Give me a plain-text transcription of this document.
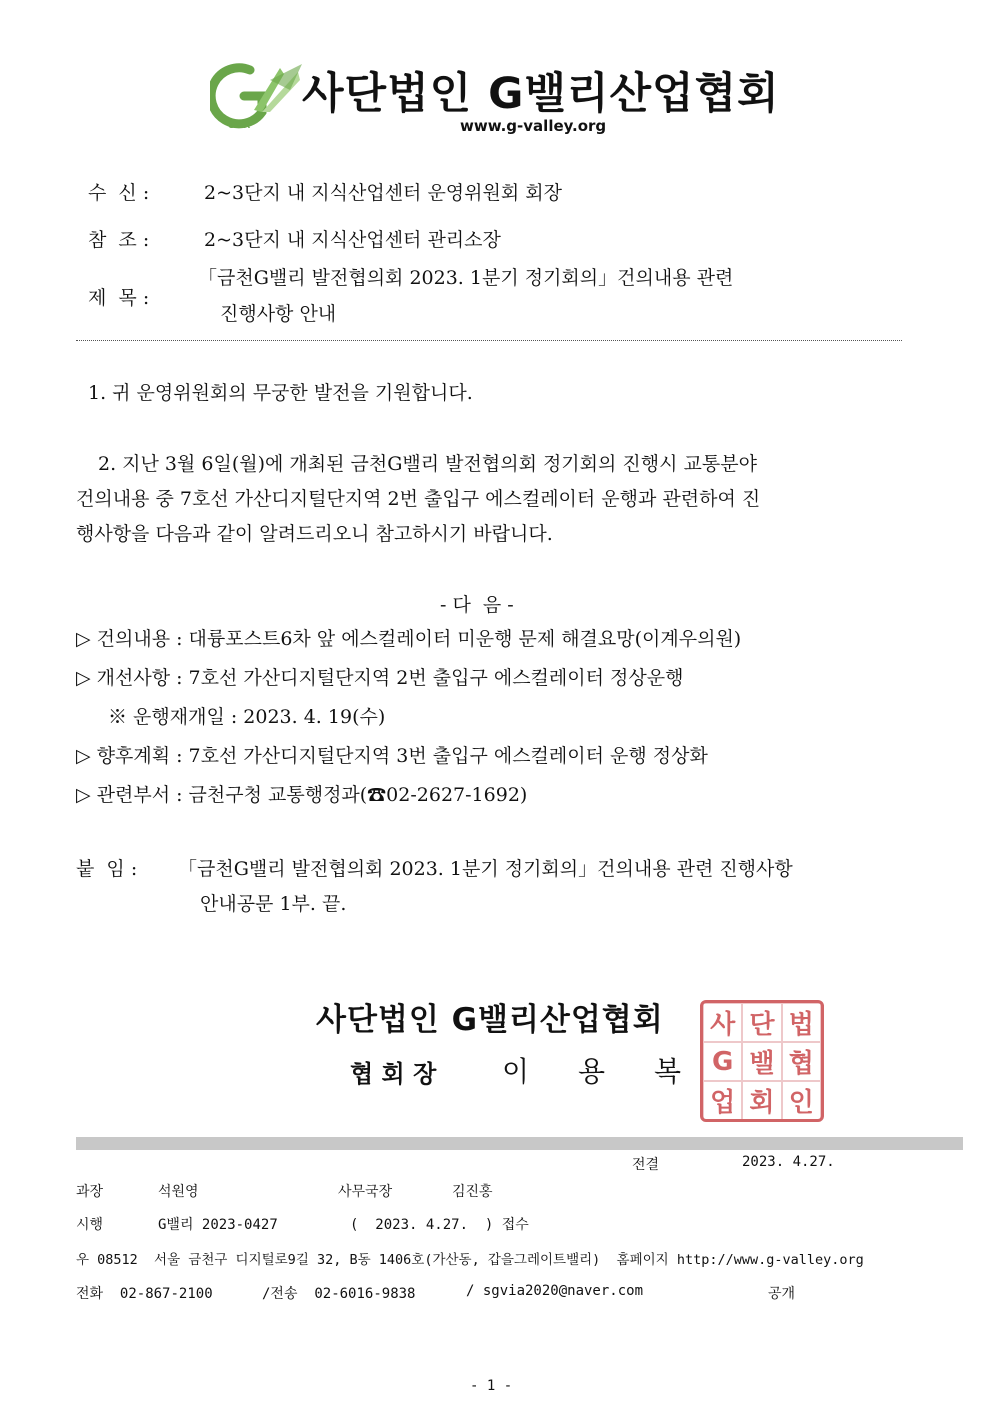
GVIA
사단법인 G밸리산업협회
www.g-valley.org
수  신 :	2~3단지 내 지식산업센터 운영위원회 회장
참  조 :	2~3단지 내 지식산업센터 관리소장
제  목 :
「금천G밸리 발전협의회 2023. 1분기 정기회의」건의내용 관련
진행사항 안내
1. 귀 운영위원회의 무궁한 발전을 기원합니다.
2. 지난 3월 6일(월)에 개최된 금천G밸리 발전협의회 정기회의 진행시 교통분야
건의내용 중 7호선 가산디지털단지역 2번 출입구 에스컬레이터 운행과 관련하여 진
행사항을 다음과 같이 알려드리오니 참고하시기 바랍니다.
- 다  음 -
▷ 건의내용 : 대륭포스트6차 앞 에스컬레이터 미운행 문제 해결요망(이계우의원)
▷ 개선사항 : 7호선 가산디지털단지역 2번 출입구 에스컬레이터 정상운행
※ 운행재개일 : 2023. 4. 19(수)
▷ 향후계획 : 7호선 가산디지털단지역 3번 출입구 에스컬레이터 운행 정상화
▷ 관련부서 : 금천구청 교통행정과(☎02-2627-1692)
붙  임 : 「금천G밸리 발전협의회 2023. 1분기 정기회의」건의내용 관련 진행사항
안내공문 1부. 끝.
사단법인 G밸리산업협회
협 회 장 이 용 복
사 단 법
G 밸 협
업 회 인
전결	2023. 4.27.
과장	석원영	사무국장	김진홍
시행	G밸리 2023-0427	(  2023. 4.27.  ) 접수
우 08512  서울 금천구 디지털로9길 32, B동 1406호(가산동, 갑을그레이트밸리)  홈페이지 http://www.g-valley.org
전화  02-867-2100	/전송  02-6016-9838	/ sgvia2020@naver.com	공개
- 1 -
